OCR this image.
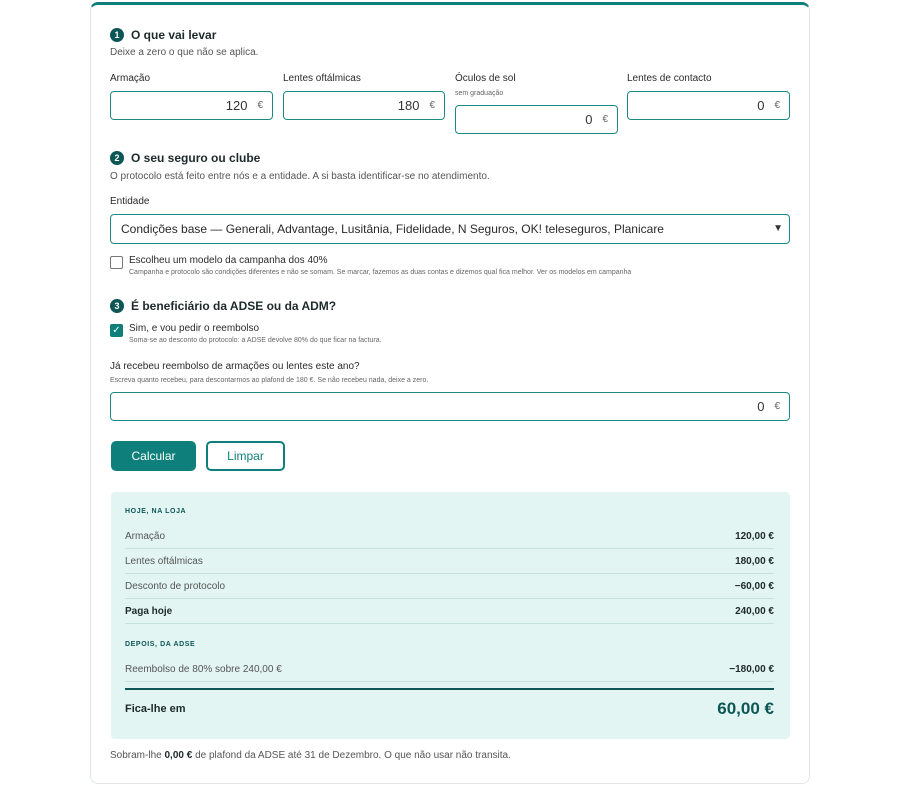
1 O que vai levar
Deixe a zero o que não se aplica.
Armação
120
€
Lentes oftálmicas
180
€
Óculos de sol
sem graduação
0
€
Lentes de contacto
0
€
2 O seu seguro ou clube
O protocolo está feito entre nós e a entidade. A si basta identificar-se no atendimento.
Entidade
Condições base — Generali, Advantage, Lusitânia, Fidelidade, N Seguros, OK! teleseguros, Planicare	▼
Escolheu um modelo da campanha dos 40%
Campanha e protocolo são condições diferentes e não se somam. Se marcar, fazemos as duas contas e dizemos qual fica melhor. Ver os modelos em campanha
3 É beneficiário da ADSE ou da ADM?
✓ Sim, e vou pedir o reembolso
Soma-se ao desconto do protocolo: a ADSE devolve 80% do que ficar na factura.
Já recebeu reembolso de armações ou lentes este ano?
Escreva quanto recebeu, para descontarmos ao plafond de 180 €. Se não recebeu nada, deixe a zero.
0
€
Calcular	Limpar
HOJE, NA LOJA
Armação	120,00 €
Lentes oftálmicas	180,00 €
Desconto de protocolo	−60,00 €
Paga hoje	240,00 €
DEPOIS, DA ADSE
Reembolso de 80% sobre 240,00 €	−180,00 €
Fica-lhe em	60,00 €
Sobram-lhe 0,00 € de plafond da ADSE até 31 de Dezembro. O que não usar não transita.
